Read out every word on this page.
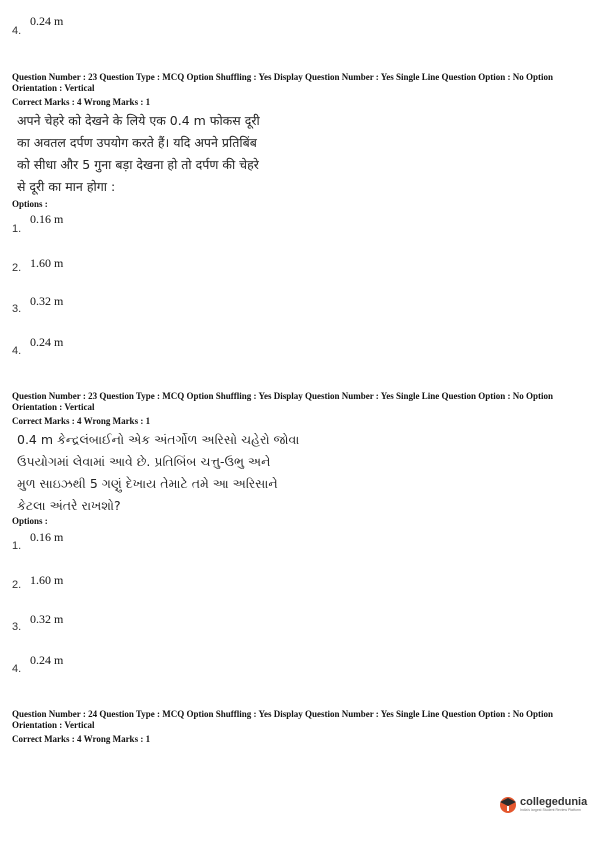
0.24 m
4.
Question Number : 23 Question Type : MCQ Option Shuffling : Yes Display Question Number : Yes Single Line Question Option : No Option Orientation : Vertical
Correct Marks : 4 Wrong Marks : 1
अपने चेहरे को देखने के लिये एक 0.4 m फोकस दूरी
का अवतल दर्पण उपयोग करते हैं। यदि अपने प्रतिबिंब
को सीधा और 5 गुना बड़ा देखना हो तो दर्पण की चेहरे
से दूरी का मान होगा :
Options :
0.16 m
1.
2. 1.60 m
0.32 m
3.
0.24 m
4.
Question Number : 23 Question Type : MCQ Option Shuffling : Yes Display Question Number : Yes Single Line Question Option : No Option Orientation : Vertical
Correct Marks : 4 Wrong Marks : 1
0.4 m કેન્દ્રલંબાઈનો એક અંતર્ગોળ અરિસો ચહેરો જોવા
ઉપયોગમાં લેવામાં આવે છે. પ્રતિબિંબ ચત્તુ-ઉભુ અને
મુળ સાઇઝથી 5 ગણું દેખાય તેમાટે તમે આ અરિસાને
કેટલા અંતરે રાખશો?
Options :
0.16 m
1.
2. 1.60 m
0.32 m
3.
0.24 m
4.
Question Number : 24 Question Type : MCQ Option Shuffling : Yes Display Question Number : Yes Single Line Question Option : No Option Orientation : Vertical
Correct Marks : 4 Wrong Marks : 1
collegedunia
India's largest Student Review Platform
